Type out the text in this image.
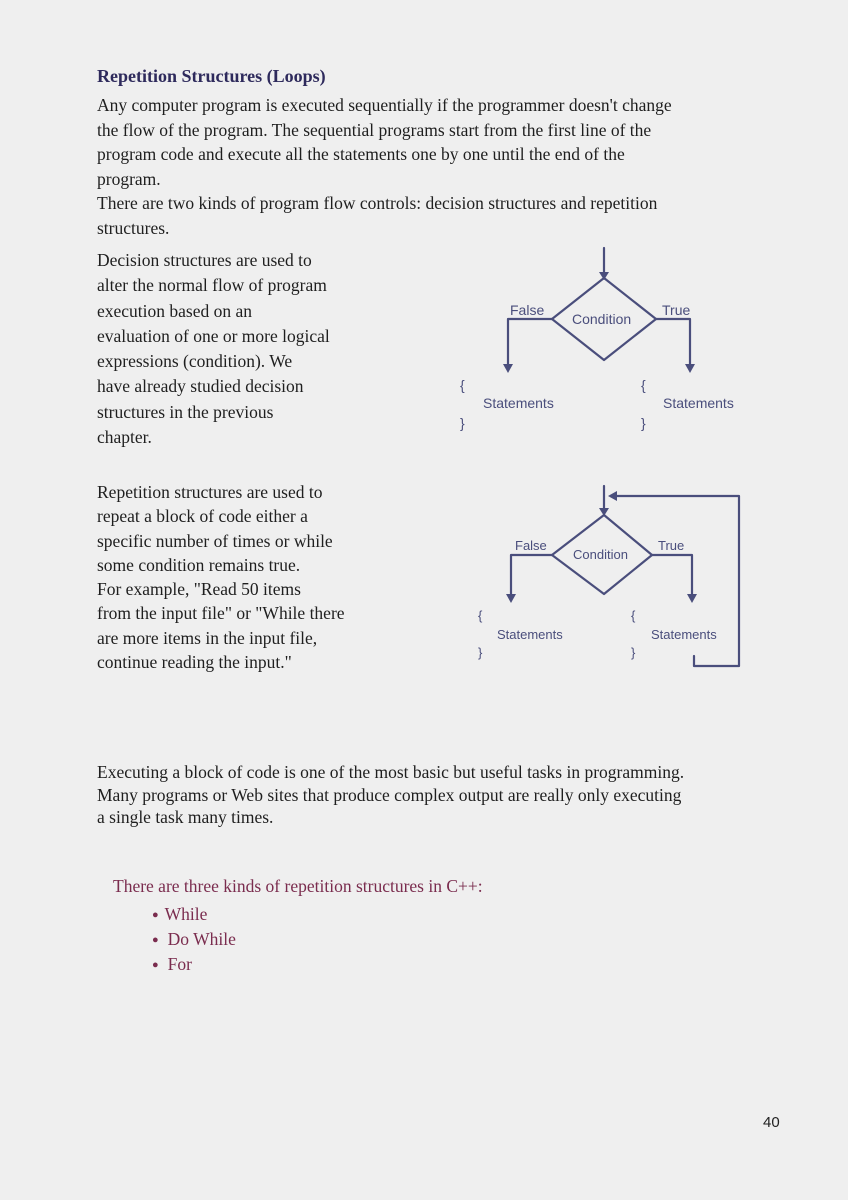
Repetition Structures (Loops)

Any computer program is executed sequentially if the programmer doesn't change
the flow of the program. The sequential programs start from the first line of the
program code and execute all the statements one by one until the end of the
program.
There are two kinds of program flow controls: decision structures and repetition
structures.

Decision structures are used to
alter the normal flow of program
execution based on an
evaluation of one or more logical
expressions (condition). We
have already studied decision
structures in the previous
chapter.

False	True
Condition
{
Statements
}
{
Statements
}

Repetition structures are used to
repeat a block of code either a
specific number of times or while
some condition remains true.
For example, "Read 50 items
from the input file" or "While there
are more items in the input file,
continue reading the input."

False	True
Condition
{
Statements
}
{
Statements
}

Executing a block of code is one of the most basic but useful tasks in programming.
Many programs or Web sites that produce complex output are really only executing
a single task many times.

There are three kinds of repetition structures in C++:
● While
● Do While
● For
40
